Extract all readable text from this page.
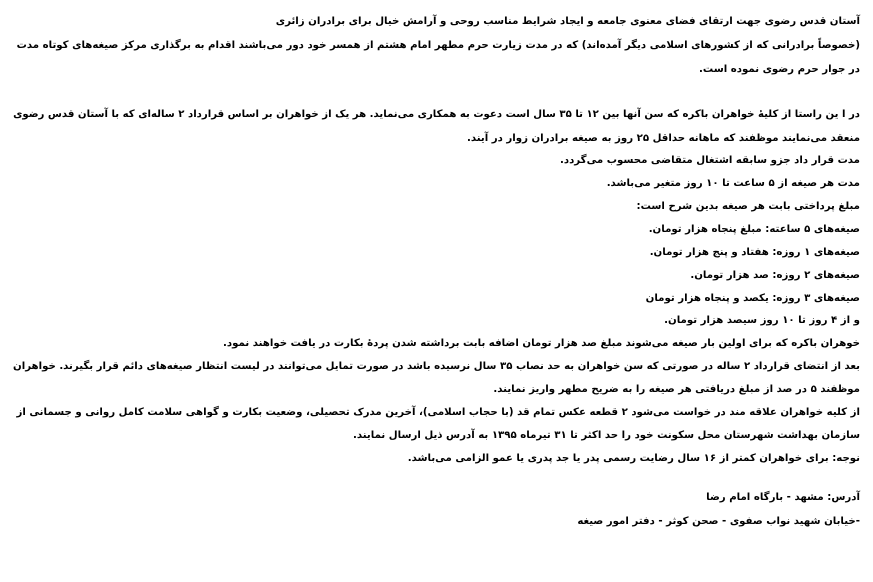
آستان قدس رضوی جهت ارتقای فضای معنوی جامعه و ایجاد شرایط مناسب روحی و آرامش خیال برای برادران زائری
(خصوصاً برادرانی که از کشورهای اسلامی دیگر آمده‌اند) که در مدت زیارت حرم مطهر امام هشتم از همسر خود دور می‌باشند اقدام به برگذاری مرکز صیغه‌های کوتاه مدت
در جوار حرم رضوی نموده است.
در ا ین راستا از کلیهٔ خواهران باکره که سن آنها بین ۱۲ تا ۳۵ سال است دعوت به همکاری می‌نماید. هر یک از خواهران بر اساس قرارداد ۲ ساله‌ای که با آستان قدس رضوی
منعقد می‌نمایند موظفند که ماهانه حداقل ۲۵ روز به صیغه برادران زوار در آیند.
مدت قرار داد جزو سابقه اشتغال متقاضی محسوب می‌گردد.
مدت هر صیغه از ۵ ساعت تا ۱۰ روز متغیر می‌باشد.
مبلغ پرداختی بابت هر صیغه بدین شرح است:
صیغه‌های ۵ ساعته: مبلغ پنجاه هزار تومان.
صیغه‌های ۱ روزه: هفتاد و پنج هزار تومان.
صیغه‌های ۲ روزه: صد هزار تومان.
صیغه‌های ۳ روزه: یکصد و پنجاه هزار تومان
و از ۴ روز تا ۱۰ روز سیصد هزار تومان.
خوهران باکره که برای اولین بار صیغه می‌شوند مبلغ صد هزار تومان اضافه بابت برداشته شدن پردهٔ بکارت در یافت خواهند نمود.
بعد از انتضای قرارداد ۲ ساله در صورتی که سن خواهران به حد نصاب ۳۵ سال نرسیده باشد در صورت تمایل می‌توانند در لیست انتظار صیغه‌های دائم قرار بگیرند. خواهران
موظفند ۵ در صد از مبلغ دریافتی هر صیغه را به ضریح مطهر واریز نمایند.
از کلیه خواهران علاقه مند در خواست می‌شود ۲ قطعه عکس تمام قد (با حجاب اسلامی)، آخرین مدرک تحصیلی، وضعیت بکارت و گواهی سلامت کامل روانی و جسمانی از
سازمان بهداشت شهرستان محل سکونت خود را حد اکثر تا ۳۱ تیرماه ۱۳۹۵ به آدرس ذیل ارسال نمایند.
نوجه: برای خواهران کمتر از ۱۶ سال رضایت رسمی پدر یا جد پدری یا عمو الزامی می‌باشد.
آدرس: مشهد - بارگاه امام رضا
-خیابان شهید نواب صفوی - صحن کوثر - دفتر امور صیغه
